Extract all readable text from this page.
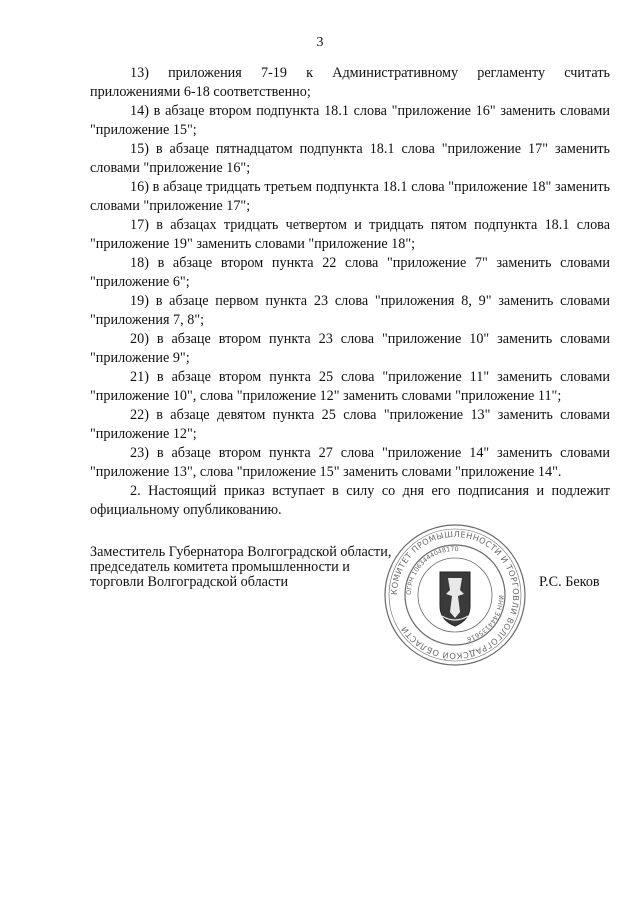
3

13) приложения 7-19 к Административному регламенту считать приложениями 6-18 соответственно;

14) в абзаце втором подпункта 18.1 слова "приложение 16" заменить словами "приложение 15";

15) в абзаце пятнадцатом подпункта 18.1 слова "приложение 17" заменить словами "приложение 16";

16) в абзаце тридцать третьем подпункта 18.1 слова "приложение 18" заменить словами "приложение 17";

17) в абзацах тридцать четвертом и тридцать пятом подпункта 18.1 слова "приложение 19" заменить словами "приложение 18";

18) в абзаце втором пункта 22 слова "приложение 7" заменить словами "приложение 6";

19) в абзаце первом пункта 23 слова "приложения 8, 9" заменить словами "приложения 7, 8";

20) в абзаце втором пункта 23 слова "приложение 10" заменить словами "приложение 9";

21) в абзаце втором пункта 25 слова "приложение 11" заменить словами "приложение 10", слова "приложение 12" заменить словами "приложение 11";

22) в абзаце девятом пункта 25 слова "приложение 13" заменить словами "приложение 12";

23) в абзаце втором пункта 27 слова "приложение 14" заменить словами "приложение 13", слова "приложение 15" заменить словами "приложение 14".

2. Настоящий приказ вступает в силу со дня его подписания и подлежит официальному опубликованию.

Заместитель Губернатора Волгоградской области,
председатель комитета промышленности и
торговли Волгоградской области
КОМИТЕТ ПРОМЫШЛЕННОСТИ И ТОРГОВЛИ ВОЛГОГРАДСКОЙ ОБЛАСТИ
ОГРН 1063444048170
ИНН 3444135616
Р.С. Беков
